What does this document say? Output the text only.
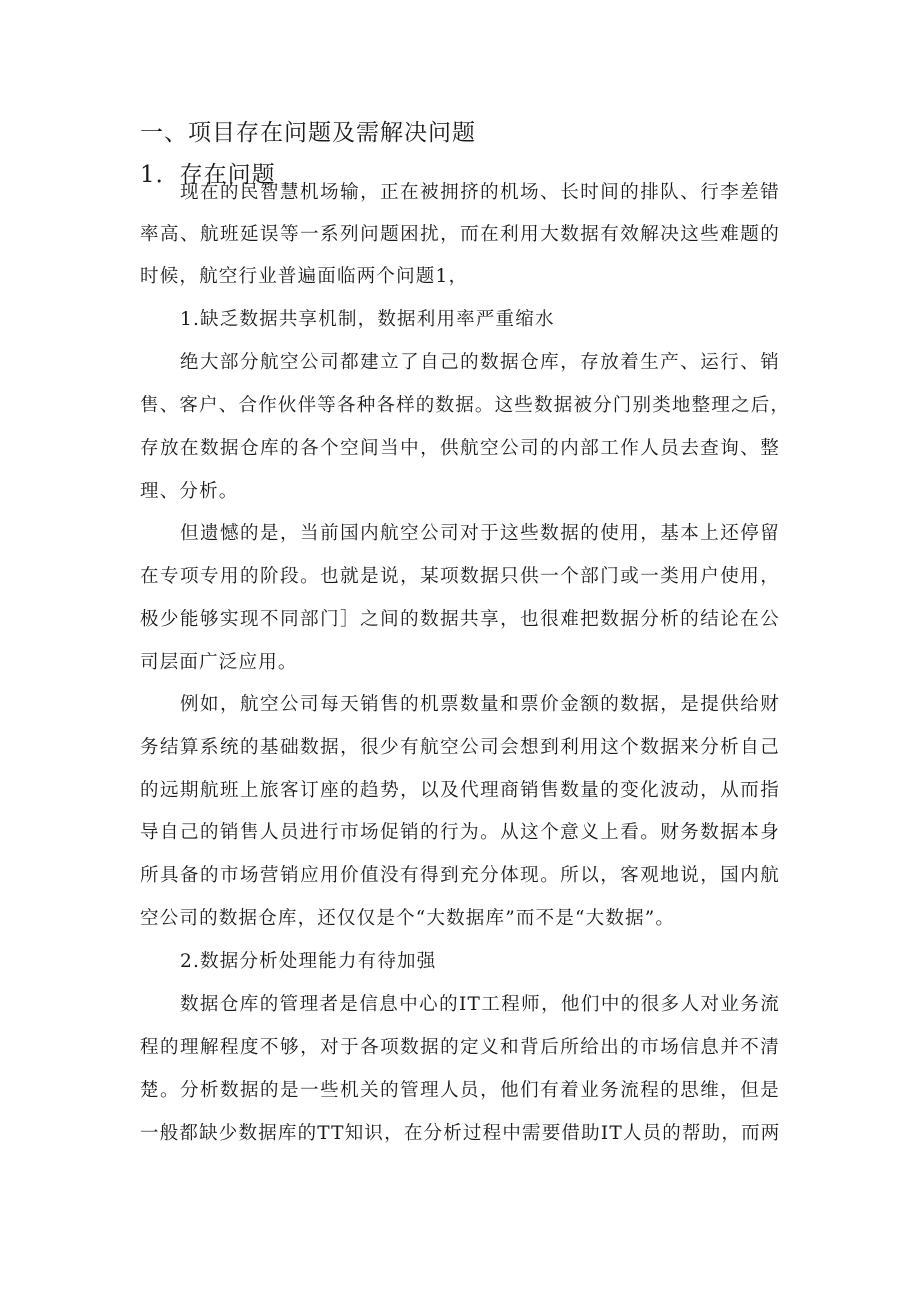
一、项目存在问题及需解决问题
1．存在问题

现在的民智慧机场输，正在被拥挤的机场、长时间的排队、行李差错

率高、航班延误等一系列问题困扰，而在利用大数据有效解决这些难题的

时候，航空行业普遍面临两个问题1，

1.缺乏数据共享机制，数据利用率严重缩水

绝大部分航空公司都建立了自己的数据仓库，存放着生产、运行、销

售、客户、合作伙伴等各种各样的数据。这些数据被分门别类地整理之后，

存放在数据仓库的各个空间当中，供航空公司的内部工作人员去查询、整

理、分析。

但遗憾的是，当前国内航空公司对于这些数据的使用，基本上还停留

在专项专用的阶段。也就是说，某项数据只供一个部门或一类用户使用，

极少能够实现不同部门］之间的数据共享，也很难把数据分析的结论在公

司层面广泛应用。

例如，航空公司每天销售的机票数量和票价金额的数据，是提供给财

务结算系统的基础数据，很少有航空公司会想到利用这个数据来分析自己

的远期航班上旅客订座的趋势，以及代理商销售数量的变化波动，从而指

导自己的销售人员进行市场促销的行为。从这个意义上看。财务数据本身

所具备的市场营销应用价值没有得到充分体现。所以，客观地说，国内航

空公司的数据仓库，还仅仅是个“大数据库”而不是“大数据”。

2.数据分析处理能力有待加强

数据仓库的管理者是信息中心的IT工程师，他们中的很多人对业务流

程的理解程度不够，对于各项数据的定义和背后所给出的市场信息并不清

楚。分析数据的是一些机关的管理人员，他们有着业务流程的思维，但是

一般都缺少数据库的TT知识，在分析过程中需要借助IT人员的帮助，而两
